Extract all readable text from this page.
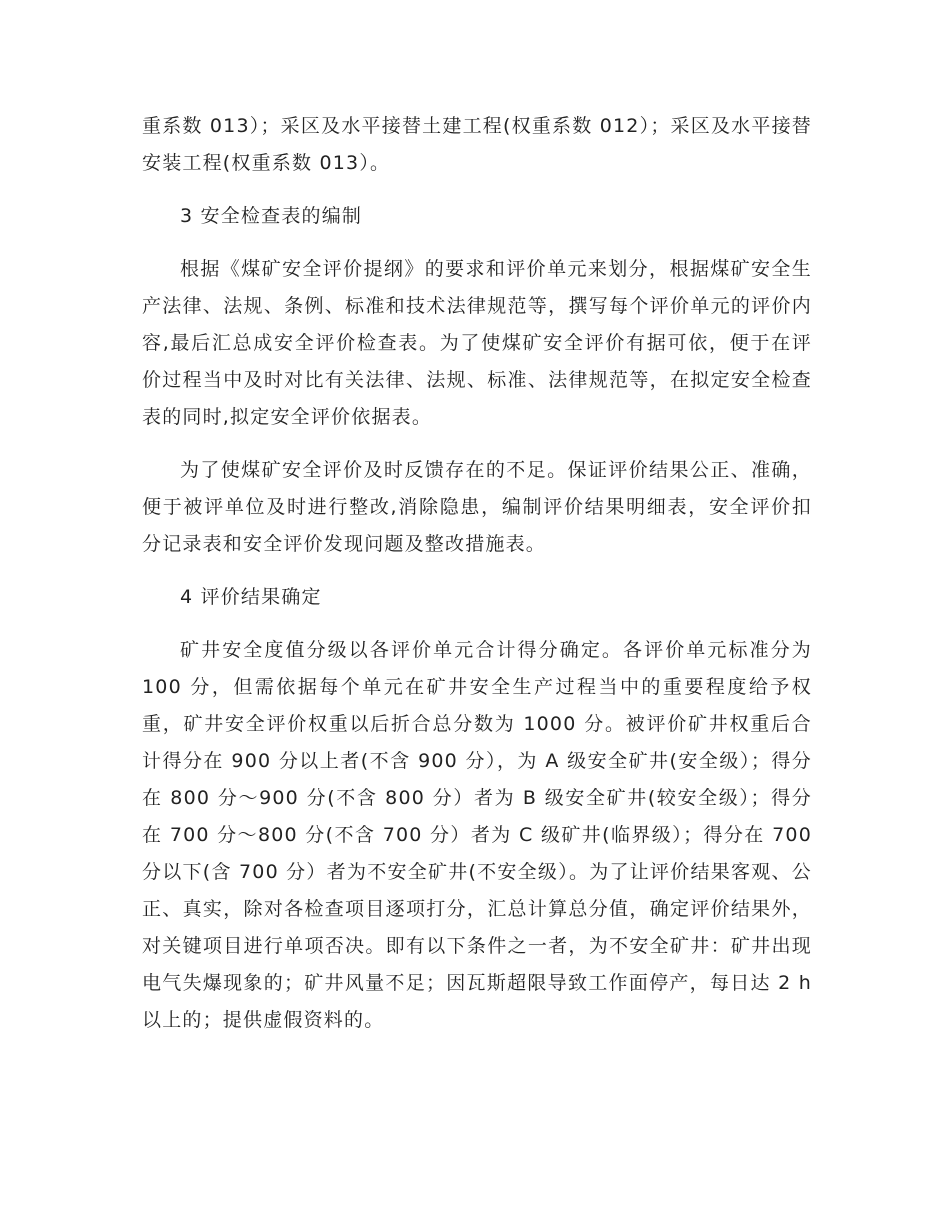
重系数 013）；采区及水平接替土建工程(权重系数 012）；采区及水平接替安装工程(权重系数 013）。

3 安全检查表的编制

根据《煤矿安全评价提纲》的要求和评价单元来划分，根据煤矿安全生产法律、法规、条例、标准和技术法律规范等，撰写每个评价单元的评价内容,最后汇总成安全评价检查表。为了使煤矿安全评价有据可依，便于在评价过程当中及时对比有关法律、法规、标准、法律规范等，在拟定安全检查表的同时,拟定安全评价依据表。

为了使煤矿安全评价及时反馈存在的不足。保证评价结果公正、准确，便于被评单位及时进行整改,消除隐患，编制评价结果明细表，安全评价扣分记录表和安全评价发现问题及整改措施表。

4 评价结果确定

矿井安全度值分级以各评价单元合计得分确定。各评价单元标准分为 100 分，但需依据每个单元在矿井安全生产过程当中的重要程度给予权重，矿井安全评价权重以后折合总分数为 1000 分。被评价矿井权重后合计得分在 900 分以上者(不含 900 分），为 A 级安全矿井(安全级）；得分在 800 分～900 分(不含 800 分）者为 B 级安全矿井(较安全级）；得分在 700 分～800 分(不含 700 分）者为 C 级矿井(临界级）；得分在 700 分以下(含 700 分）者为不安全矿井(不安全级）。为了让评价结果客观、公正、真实，除对各检查项目逐项打分，汇总计算总分值，确定评价结果外，对关键项目进行单项否决。即有以下条件之一者，为不安全矿井：矿井出现电气失爆现象的；矿井风量不足；因瓦斯超限导致工作面停产，每日达 2 h 以上的；提供虚假资料的。
